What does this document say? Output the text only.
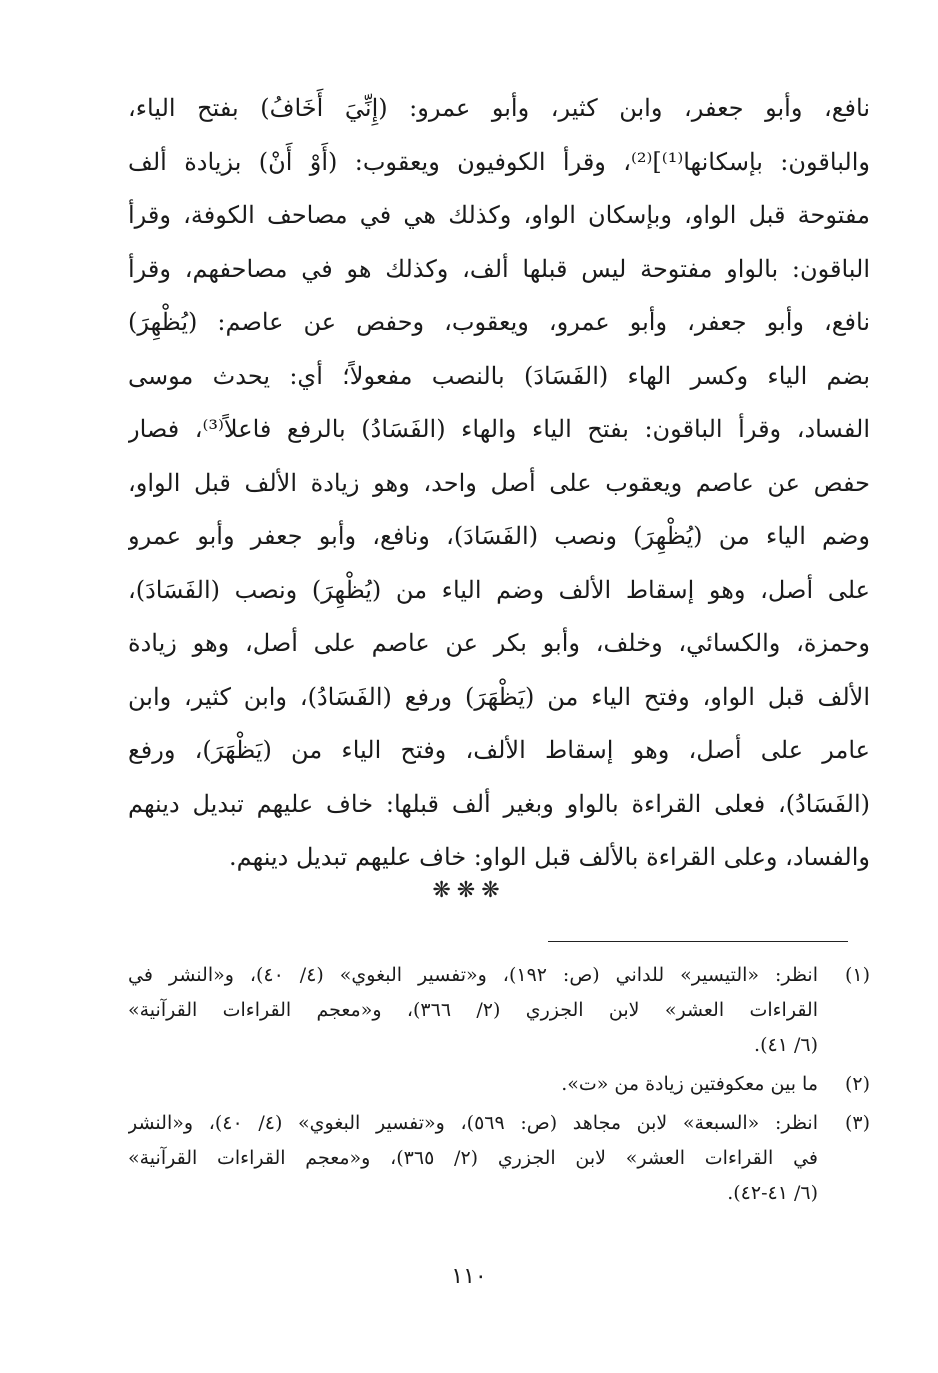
نافع، وأبو جعفر، وابن كثير، وأبو عمرو: (إِنِّيَ أَخَافُ) بفتح الياء،
والباقون: بإسكانها⁽¹⁾]⁽²⁾، وقرأ الكوفيون ويعقوب: (أَوْ أَنْ) بزيادة ألف
مفتوحة قبل الواو، وبإسكان الواو، وكذلك هي في مصاحف الكوفة، وقرأ
الباقون: بالواو مفتوحة ليس قبلها ألف، وكذلك هو في مصاحفهم، وقرأ
نافع، وأبو جعفر، وأبو عمرو، ويعقوب، وحفص عن عاصم: (يُظْهِرَ)
بضم الياء وكسر الهاء (الفَسَادَ) بالنصب مفعولاً؛ أي: يحدث موسى
الفساد، وقرأ الباقون: بفتح الياء والهاء (الفَسَادُ) بالرفع فاعلاً⁽³⁾، فصار
حفص عن عاصم ويعقوب على أصل واحد، وهو زيادة الألف قبل الواو،
وضم الياء من (يُظْهِرَ) ونصب (الفَسَادَ)، ونافع، وأبو جعفر وأبو عمرو
على أصل، وهو إسقاط الألف وضم الياء من (يُظْهِرَ) ونصب (الفَسَادَ)،
وحمزة، والكسائي، وخلف، وأبو بكر عن عاصم على أصل، وهو زيادة
الألف قبل الواو، وفتح الياء من (يَظْهَرَ) ورفع (الفَسَادُ)، وابن كثير، وابن
عامر على أصل، وهو إسقاط الألف، وفتح الياء من (يَظْهَرَ)، ورفع
(الفَسَادُ)، فعلى القراءة بالواو وبغير ألف قبلها: خاف عليهم تبديل دينهم
والفساد، وعلى القراءة بالألف قبل الواو: خاف عليهم تبديل دينهم.
❋❋❋
(١)
انظر: «التيسير» للداني (ص: ١٩٢)، و«تفسير البغوي» (٤/ ٤٠)، و«النشر في
القراءات العشر» لابن الجزري (٢/ ٣٦٦)، و«معجم القراءات القرآنية»
(٦/ ٤١).
(٢)
ما بين معكوفتين زيادة من «ت».
(٣)
انظر: «السبعة» لابن مجاهد (ص: ٥٦٩)، و«تفسير البغوي» (٤/ ٤٠)، و«النشر
في القراءات العشر» لابن الجزري (٢/ ٣٦٥)، و«معجم القراءات القرآنية»
(٦/ ٤١-٤٢).
١١٠
